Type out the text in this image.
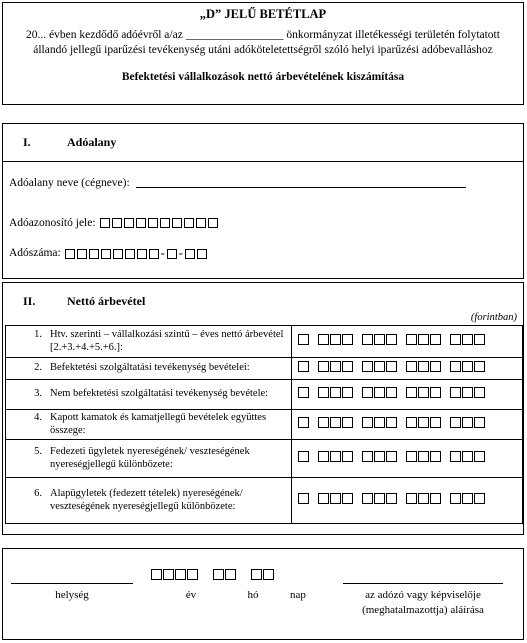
„D” JELŰ BETÉTLAP
20... évben kezdődő adóévről a/az _________________ önkormányzat illetékességi területén folytatott állandó jellegű iparűzési tevékenység utáni adóköteletettségről szóló helyi iparűzési adóbevalláshoz
Befektetési vállalkozások nettó árbevételének kiszámítása
I.	Adóalany
Adóalany neve (cégneve):
Adóazonosító jele:
Adószáma:	- -
II.	Nettó árbevétel
(forintban)
1. Htv. szerinti – vállalkozási szintű – éves nettó árbevétel [2.+3.+4.+5.+6.]:	

2. Befektetési szolgáltatási tevékenység bevételei:	

3. Nem befektetési szolgáltatási tevékenység bevétele:	

4. Kapott kamatok és kamatjellegű bevételek együttes összege:	

5. Fedezeti ügyletek nyereségének/ veszteségének nyereségjellegű különbözete:	

6. Alapügyletek (fedezett tételek) nyereségének/ veszteségének nyereségjellegű különbözete:	

helység	év	hó	nap	az adózó vagy képviselője
(meghatalmazottja) aláírása
